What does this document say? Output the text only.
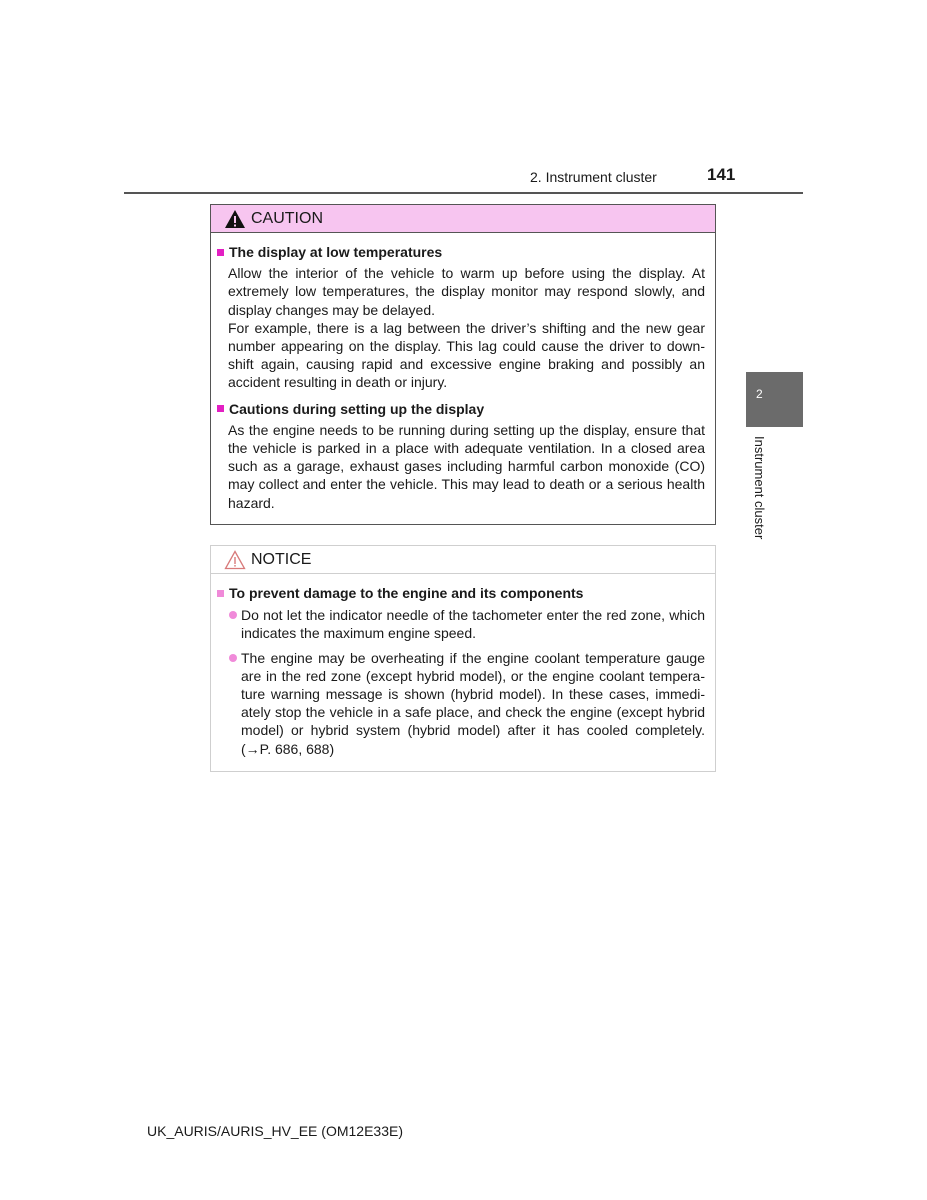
2. Instrument cluster	141
2
Instrument cluster
CAUTION
The display at low temperatures

Allow the interior of the vehicle to warm up before using the display. At extremely low temperatures, the display monitor may respond slowly, and display changes may be delayed.

For example, there is a lag between the driver’s shifting and the new gear number appearing on the display. This lag could cause the driver to down-shift again, causing rapid and excessive engine braking and possibly an accident resulting in death or injury.

Cautions during setting up the display

As the engine needs to be running during setting up the display, ensure that the vehicle is parked in a place with adequate ventilation. In a closed area such as a garage, exhaust gases including harmful carbon monoxide (CO) may collect and enter the vehicle. This may lead to death or a serious health hazard.

NOTICE
To prevent damage to the engine and its components
Do not let the indicator needle of the tachometer enter the red zone, which indicates the maximum engine speed.
The engine may be overheating if the engine coolant temperature gauge are in the red zone (except hybrid model), or the engine coolant tempera-ture warning message is shown (hybrid model). In these cases, immedi-ately stop the vehicle in a safe place, and check the engine (except hybrid model) or hybrid system (hybrid model) after it has cooled completely. (→P. 686, 688)
UK_AURIS/AURIS_HV_EE (OM12E33E)
